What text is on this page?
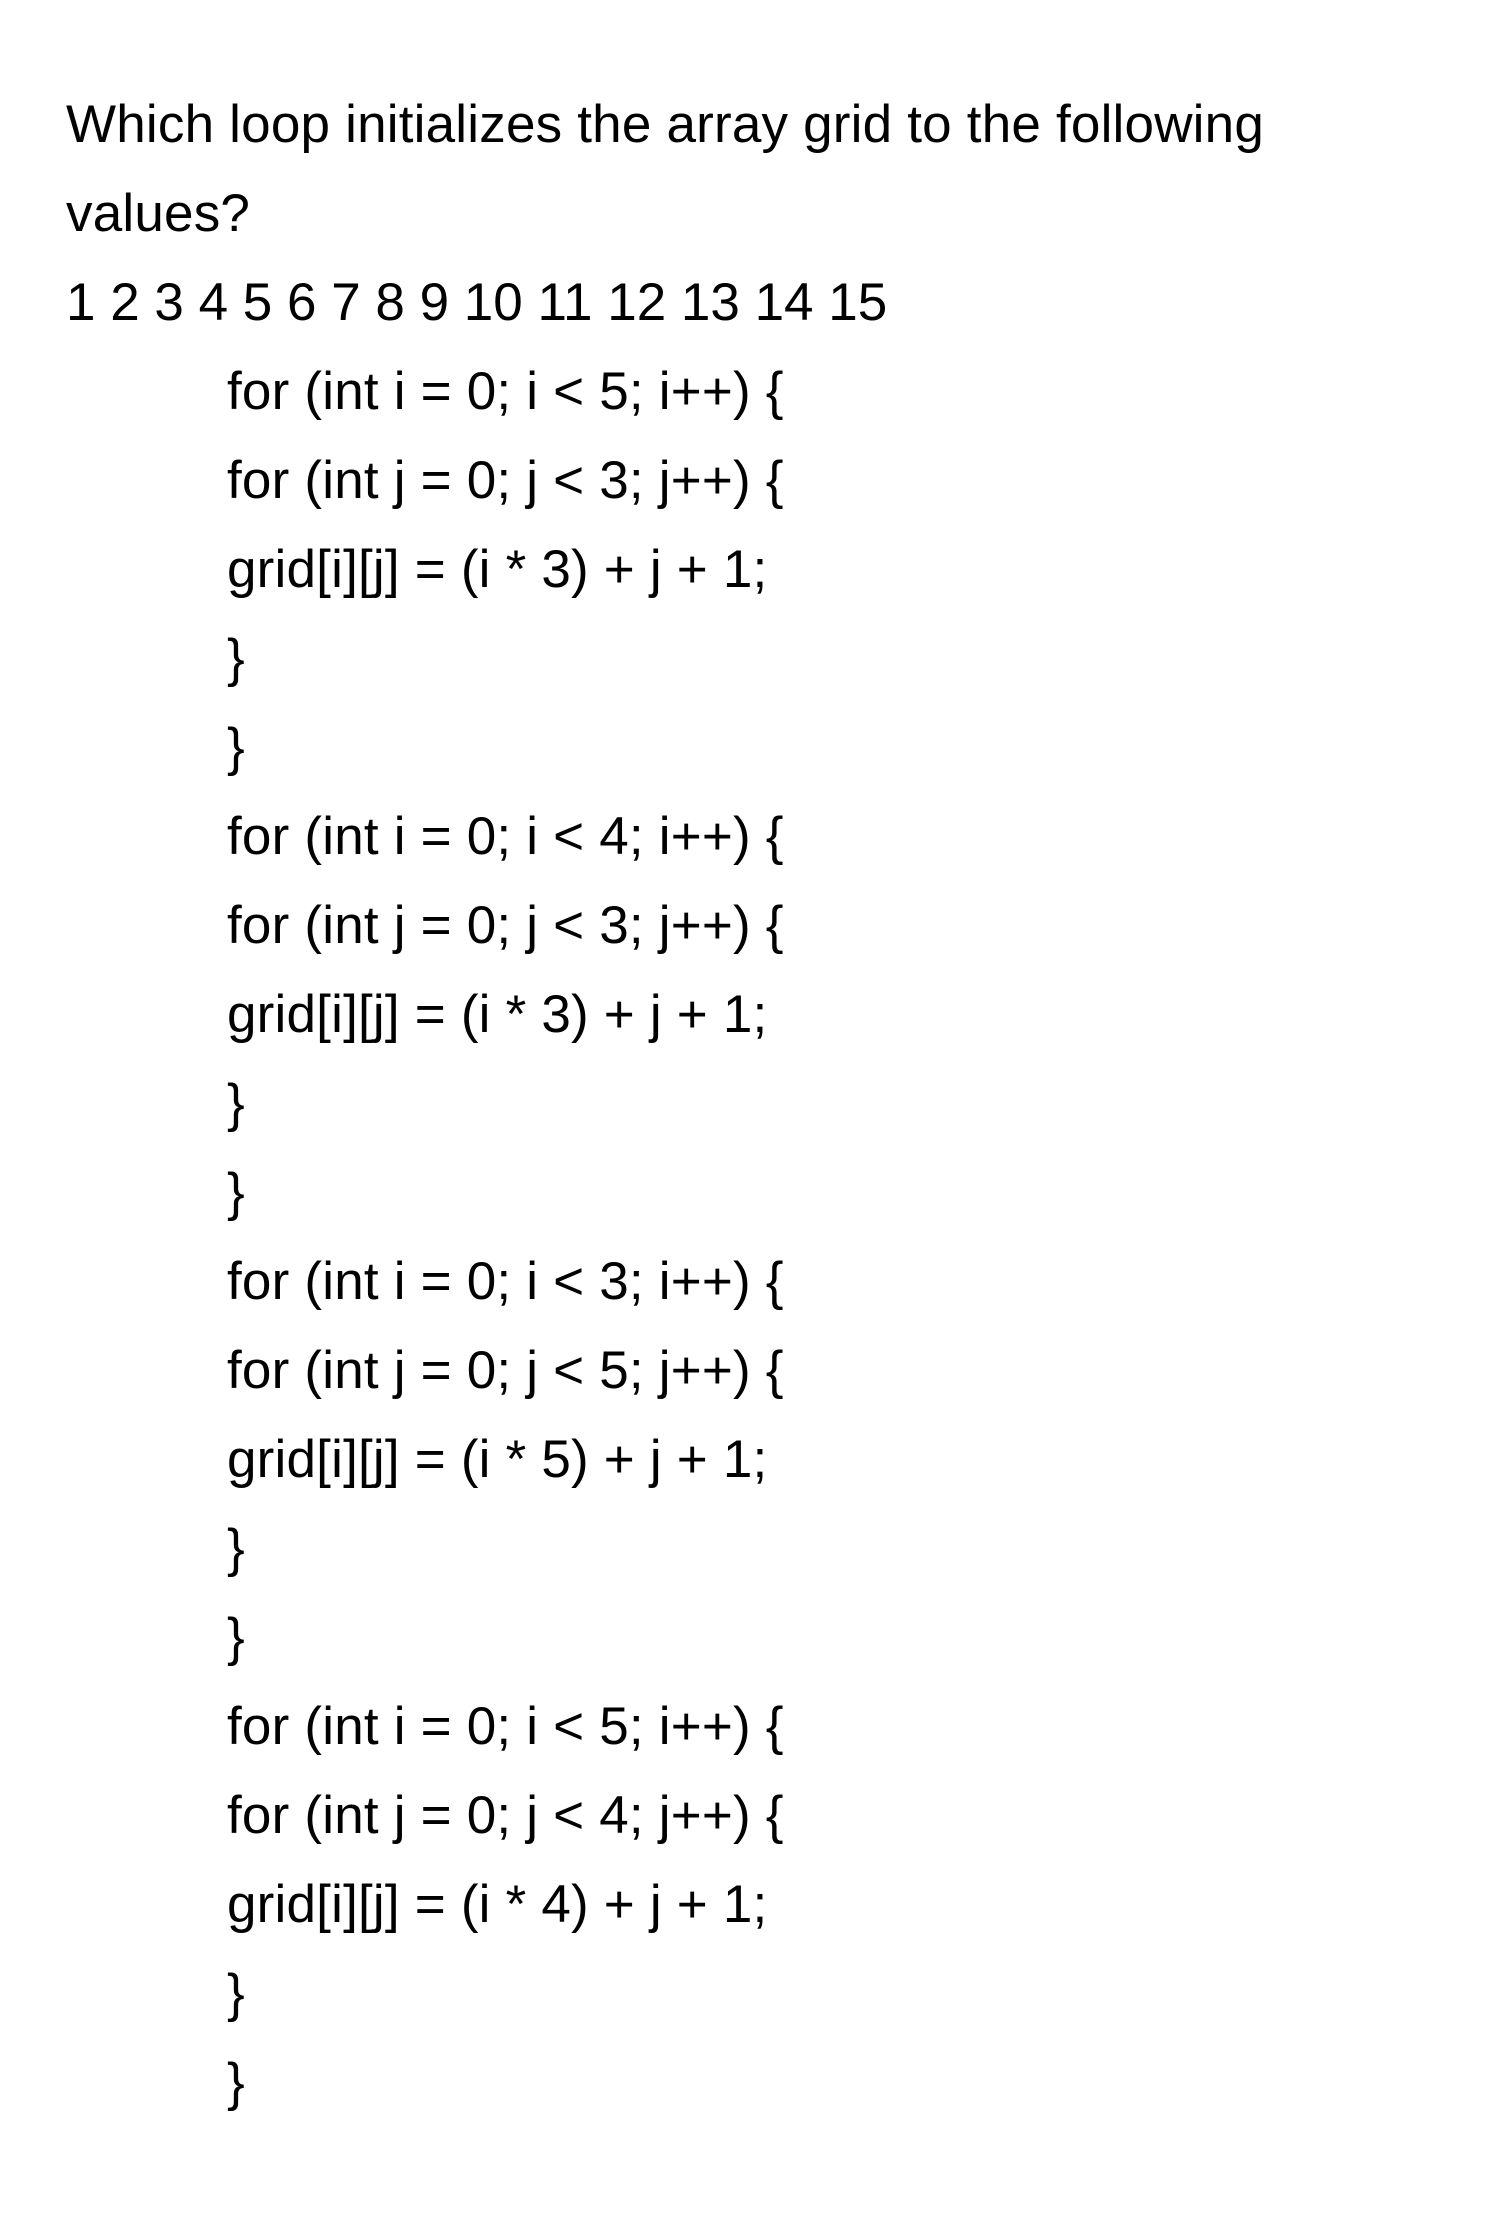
Which loop initializes the array grid to the following values?

1 2 3 4 5 6 7 8 9 10 11 12 13 14 15

for (int i = 0; i < 5; i++) {
for (int j = 0; j < 3; j++) {
grid[i][j] = (i * 3) + j + 1;
}
}
for (int i = 0; i < 4; i++) {
for (int j = 0; j < 3; j++) {
grid[i][j] = (i * 3) + j + 1;
}
}
for (int i = 0; i < 3; i++) {
for (int j = 0; j < 5; j++) {
grid[i][j] = (i * 5) + j + 1;
}
}
for (int i = 0; i < 5; i++) {
for (int j = 0; j < 4; j++) {
grid[i][j] = (i * 4) + j + 1;
}
}
